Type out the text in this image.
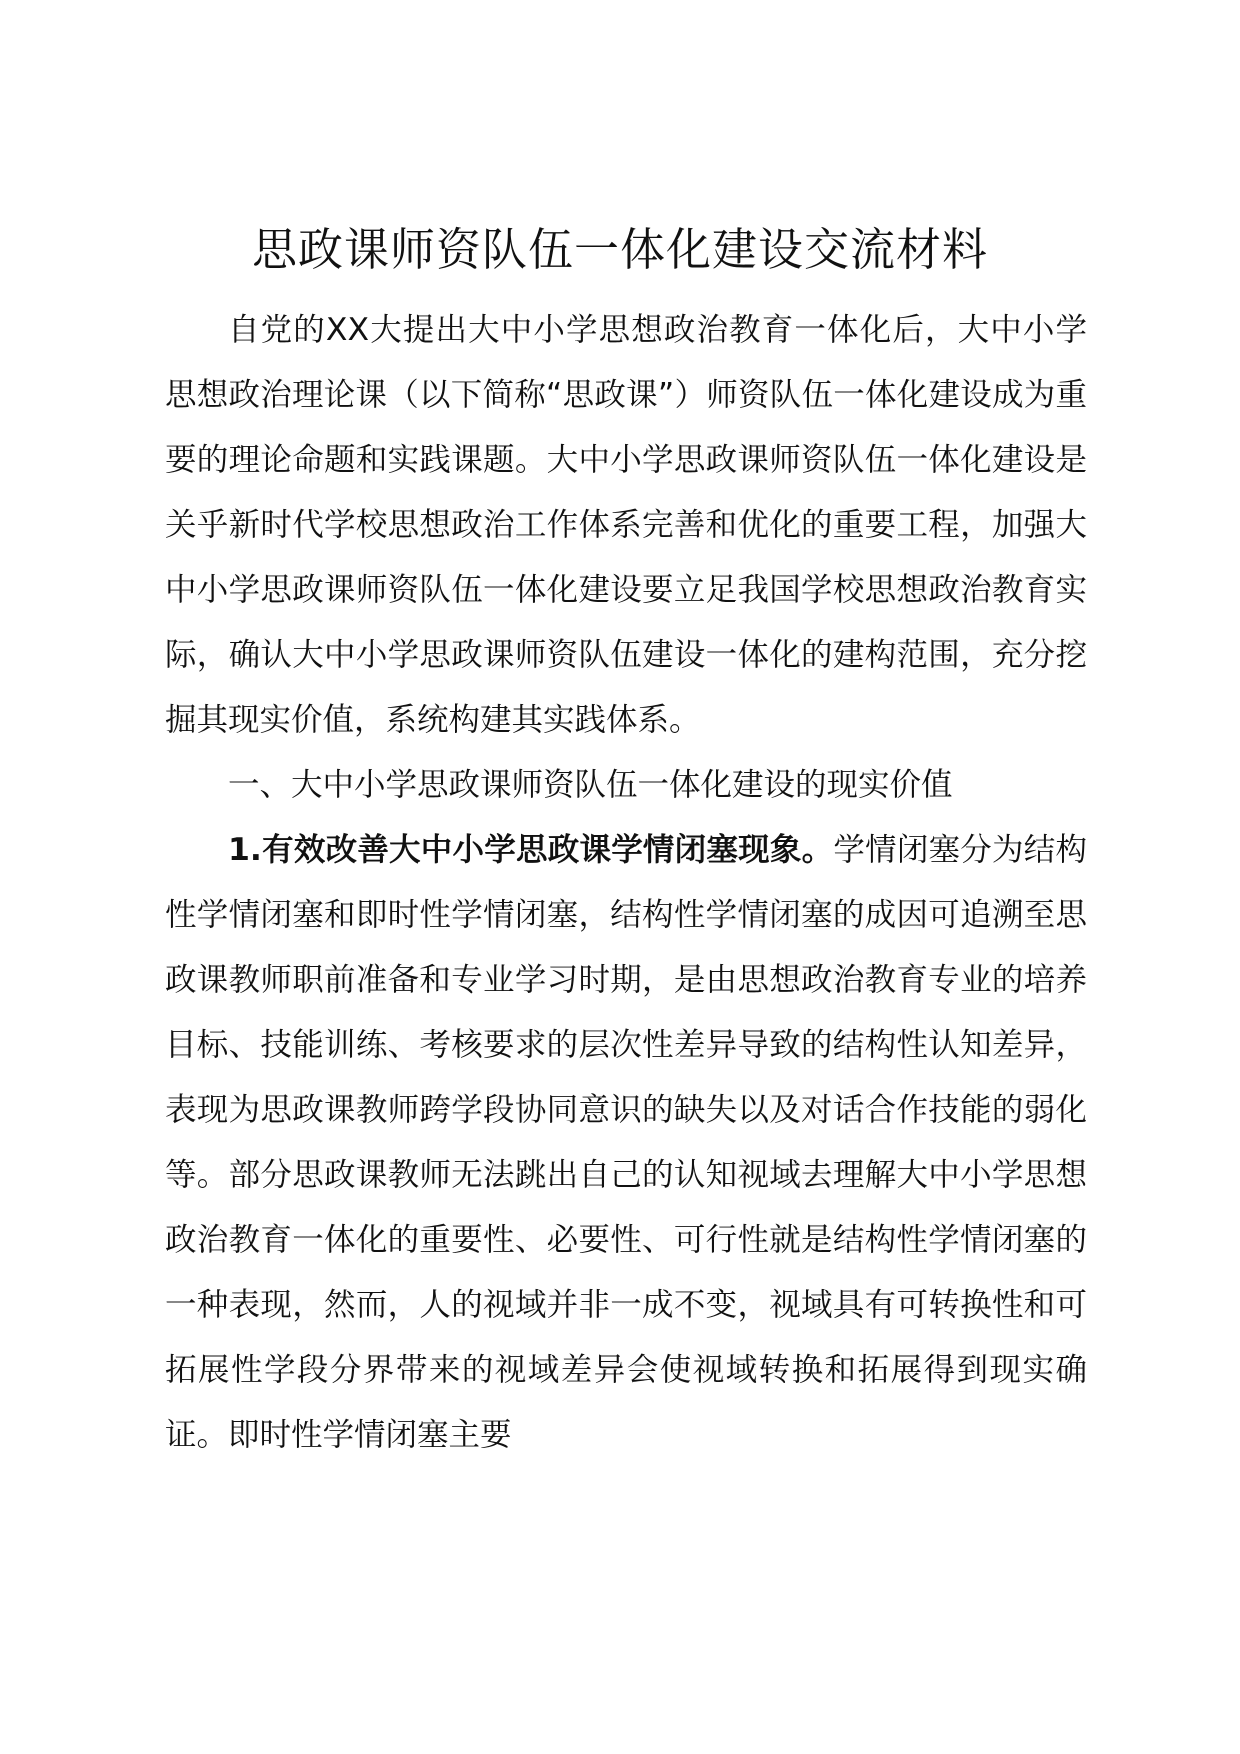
思政课师资队伍一体化建设交流材料

自党的XX大提出大中小学思想政治教育一体化后，大中小学思想政治理论课（以下简称“思政课”）师资队伍一体化建设成为重要的理论命题和实践课题。大中小学思政课师资队伍一体化建设是关乎新时代学校思想政治工作体系完善和优化的重要工程，加强大中小学思政课师资队伍一体化建设要立足我国学校思想政治教育实际，确认大中小学思政课师资队伍建设一体化的建构范围，充分挖掘其现实价值，系统构建其实践体系。

一、大中小学思政课师资队伍一体化建设的现实价值

1.有效改善大中小学思政课学情闭塞现象。学情闭塞分为结构性学情闭塞和即时性学情闭塞，结构性学情闭塞的成因可追溯至思政课教师职前准备和专业学习时期，是由思想政治教育专业的培养目标、技能训练、考核要求的层次性差异导致的结构性认知差异，表现为思政课教师跨学段协同意识的缺失以及对话合作技能的弱化等。部分思政课教师无法跳出自己的认知视域去理解大中小学思想政治教育一体化的重要性、必要性、可行性就是结构性学情闭塞的一种表现，然而，人的视域并非一成不变，视域具有可转换性和可拓展性学段分界带来的视域差异会使视域转换和拓展得到现实确证。即时性学情闭塞主要
